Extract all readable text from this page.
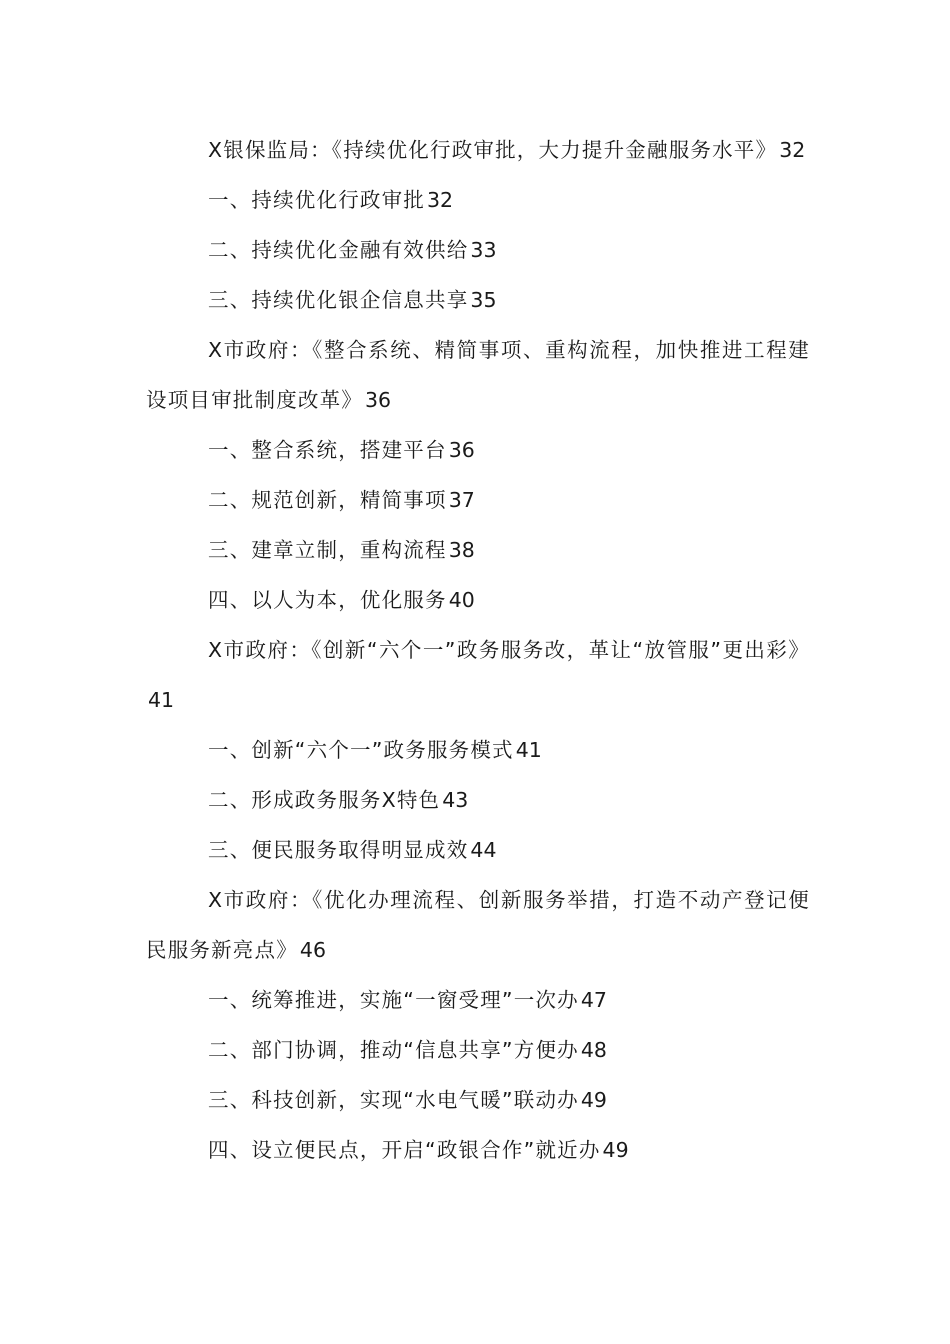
X银保监局：《持续优化行政审批，大力提升金融服务水平》32

一、持续优化行政审批32

二、持续优化金融有效供给33

三、持续优化银企信息共享35

X市政府：《整合系统、精简事项、重构流程，加快推进工程建设项目审批制度改革》36

一、整合系统，搭建平台36

二、规范创新，精简事项37

三、建章立制，重构流程38

四、以人为本，优化服务40

X市政府：《创新“六个一”政务服务改，革让“放管服”更出彩》41

一、创新“六个一”政务服务模式41

二、形成政务服务X特色43

三、便民服务取得明显成效44

X市政府：《优化办理流程、创新服务举措，打造不动产登记便民服务新亮点》46

一、统筹推进，实施“一窗受理”一次办47

二、部门协调，推动“信息共享”方便办48

三、科技创新，实现“水电气暖”联动办49

四、设立便民点，开启“政银合作”就近办49
